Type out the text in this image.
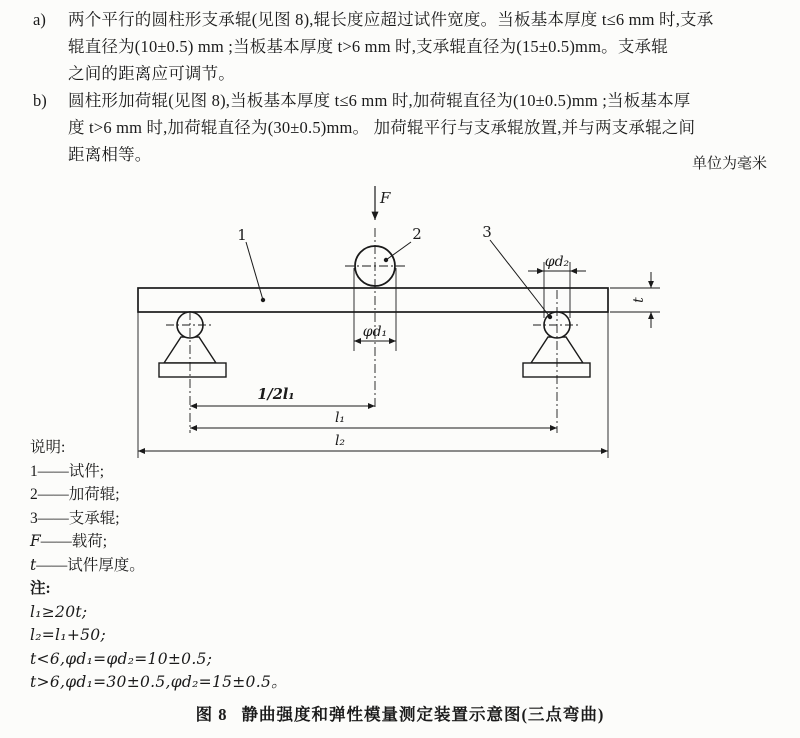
a)	两个平行的圆柱形支承辊(见图 8),辊长度应超过试件宽度。当板基本厚度 t≤6 mm 时,支承
辊直径为(10±0.5) mm ;当板基本厚度 t>6 mm 时,支承辊直径为(15±0.5)mm。支承辊
之间的距离应可调节。
b)	圆柱形加荷辊(见图 8),当板基本厚度 t≤6 mm 时,加荷辊直径为(10±0.5)mm ;当板基本厚
度 t>6 mm 时,加荷辊直径为(30±0.5)mm。 加荷辊平行与支承辊放置,并与两支承辊之间
距离相等。	单位为毫米
F
1	2	3
φd₁
φd₂
t
1/2l₁
l₁
l₂
说明:
1——试件;
2——加荷辊;
3——支承辊;
F——载荷;
t——试件厚度。
注:
l₁≥20t;
l₂=l₁+50;
t<6,φd₁=φd₂=10±0.5;
t>6,φd₁=30±0.5,φd₂=15±0.5。
图 8 静曲强度和弹性模量测定装置示意图(三点弯曲)
